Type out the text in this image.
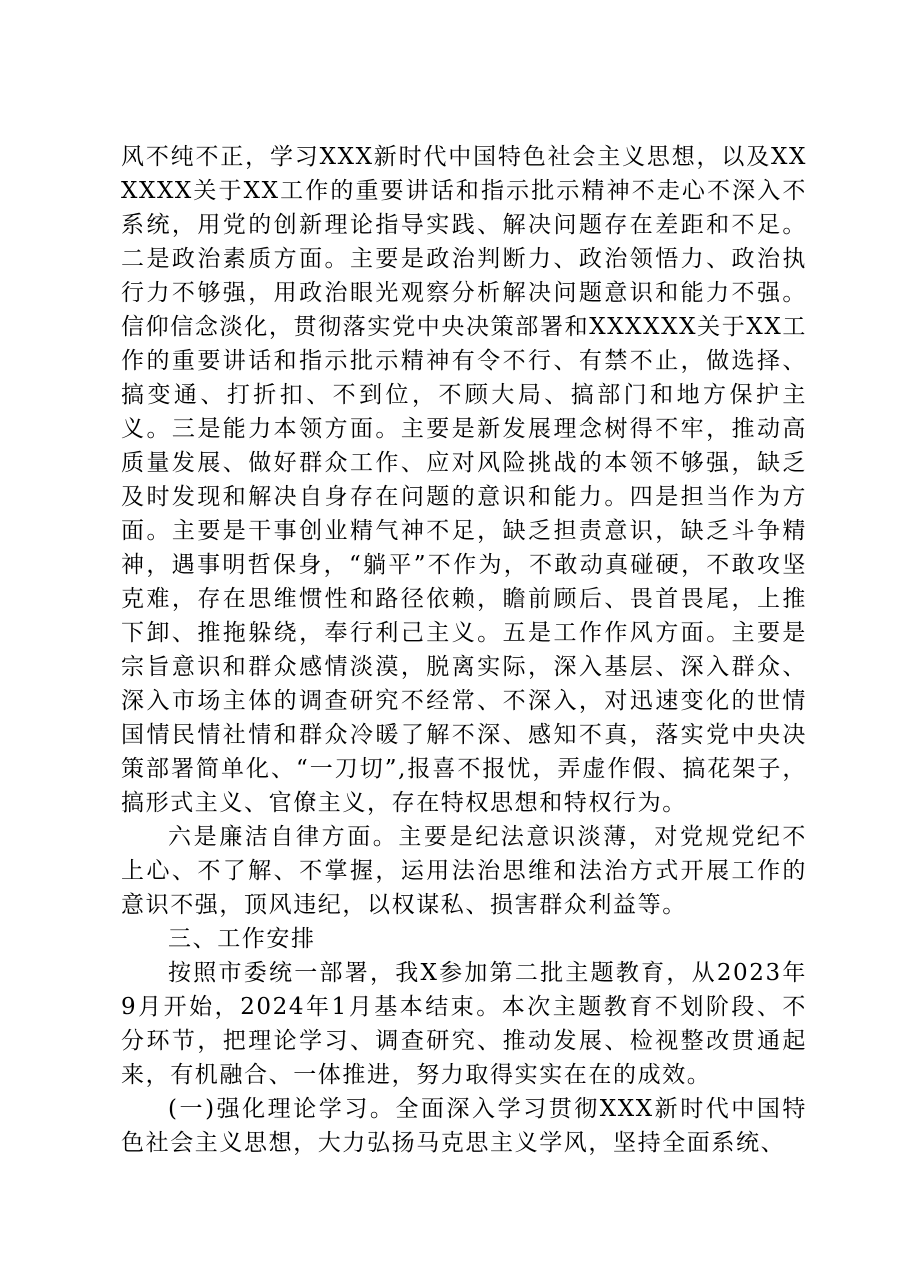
风不纯不正，学习XXX新时代中国特色社会主义思想，以及XXXXXX关于XX工作的重要讲话和指示批示精神不走心不深入不系统，用党的创新理论指导实践、解决问题存在差距和不足。二是政治素质方面。主要是政治判断力、政治领悟力、政治执行力不够强，用政治眼光观察分析解决问题意识和能力不强。信仰信念淡化，贯彻落实党中央决策部署和XXXXXX关于XX工作的重要讲话和指示批示精神有令不行、有禁不止，做选择、搞变通、打折扣、不到位，不顾大局、搞部门和地方保护主义。三是能力本领方面。主要是新发展理念树得不牢，推动高质量发展、做好群众工作、应对风险挑战的本领不够强，缺乏及时发现和解决自身存在问题的意识和能力。四是担当作为方面。主要是干事创业精气神不足，缺乏担责意识，缺乏斗争精神，遇事明哲保身，“躺平”不作为，不敢动真碰硬，不敢攻坚克难，存在思维惯性和路径依赖，瞻前顾后、畏首畏尾，上推下卸、推拖躲绕，奉行利己主义。五是工作作风方面。主要是宗旨意识和群众感情淡漠，脱离实际，深入基层、深入群众、深入市场主体的调查研究不经常、不深入，对迅速变化的世情国情民情社情和群众冷暖了解不深、感知不真，落实党中央决策部署简单化、“一刀切”,报喜不报忧，弄虚作假、搞花架子，搞形式主义、官僚主义，存在特权思想和特权行为。

六是廉洁自律方面。主要是纪法意识淡薄，对党规党纪不上心、不了解、不掌握，运用法治思维和法治方式开展工作的意识不强，顶风违纪，以权谋私、损害群众利益等。

三、工作安排

按照市委统一部署，我X参加第二批主题教育，从2023年9月开始，2024年1月基本结束。本次主题教育不划阶段、不分环节，把理论学习、调查研究、推动发展、检视整改贯通起来，有机融合、一体推进，努力取得实实在在的成效。

(一)强化理论学习。全面深入学习贯彻XXX新时代中国特色社会主义思想，大力弘扬马克思主义学风，坚持全面系统、
